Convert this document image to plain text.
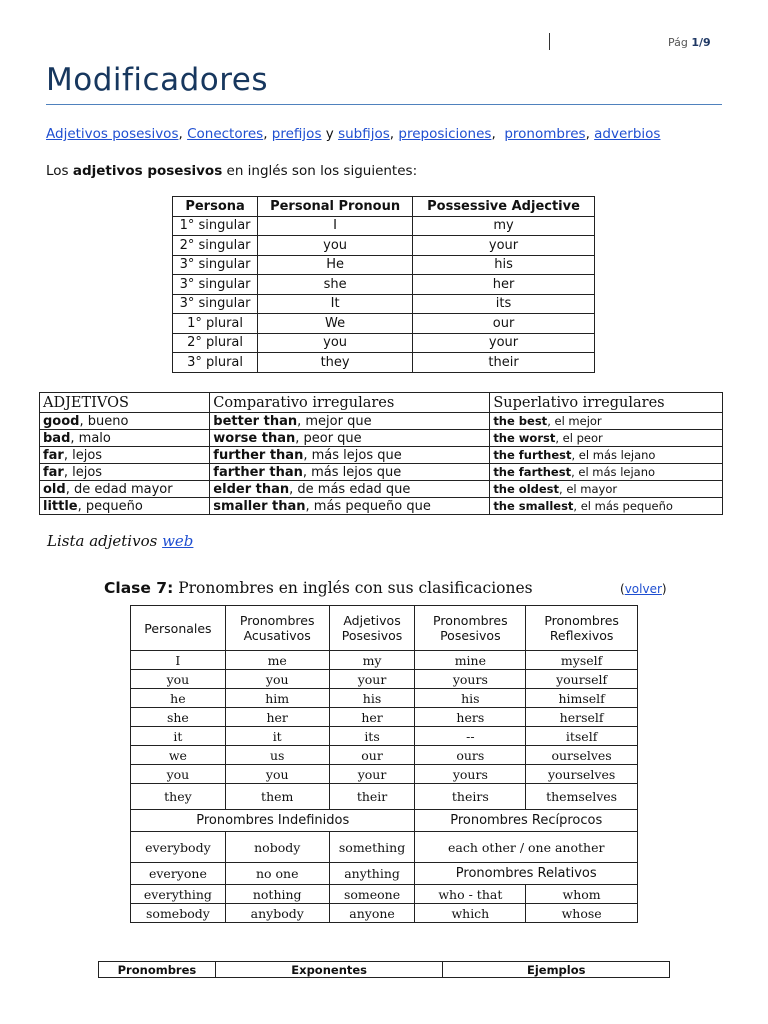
Pág 1/9
Modificadores
Adjetivos posesivos, Conectores, prefijos y subfijos, preposiciones,  pronombres, adverbios
Los adjetivos posesivos en inglés son los siguientes:
Persona	Personal Pronoun	Possessive Adjective
1° singular	I	my
2° singular	you	your
3° singular	He	his
3° singular	she	her
3° singular	It	its
1° plural	We	our
2° plural	you	your
3° plural	they	their
ADJETIVOS	Comparativo irregulares	Superlativo irregulares
good, bueno	better than, mejor que	the best, el mejor
bad, malo	worse than, peor que	the worst, el peor
far, lejos	further than, más lejos que	the furthest, el más lejano
far, lejos	farther than, más lejos que	the farthest, el más lejano
old, de edad mayor	elder than, de más edad que	the oldest, el mayor
little, pequeño	smaller than, más pequeño que	the smallest, el más pequeño
Lista adjetivos web
Clase 7: Pronombres en inglés con sus clasificaciones	(volver)
Personales	Pronombres Acusativos	Adjetivos Posesivos	Pronombres Posesivos	Pronombres Reflexivos
I	me	my	mine	myself
you	you	your	yours	yourself
he	him	his	his	himself
she	her	her	hers	herself
it	it	its	--	itself
we	us	our	ours	ourselves
you	you	your	yours	yourselves
they	them	their	theirs	themselves
Pronombres Indefinidos			Pronombres Recíprocos	
everybody	nobody	something	each other / one another	
everyone	no one	anything	Pronombres Relativos	
everything	nothing	someone	who - that	whom
somebody	anybody	anyone	which	whose
Pronombres	Exponentes	Ejemplos
